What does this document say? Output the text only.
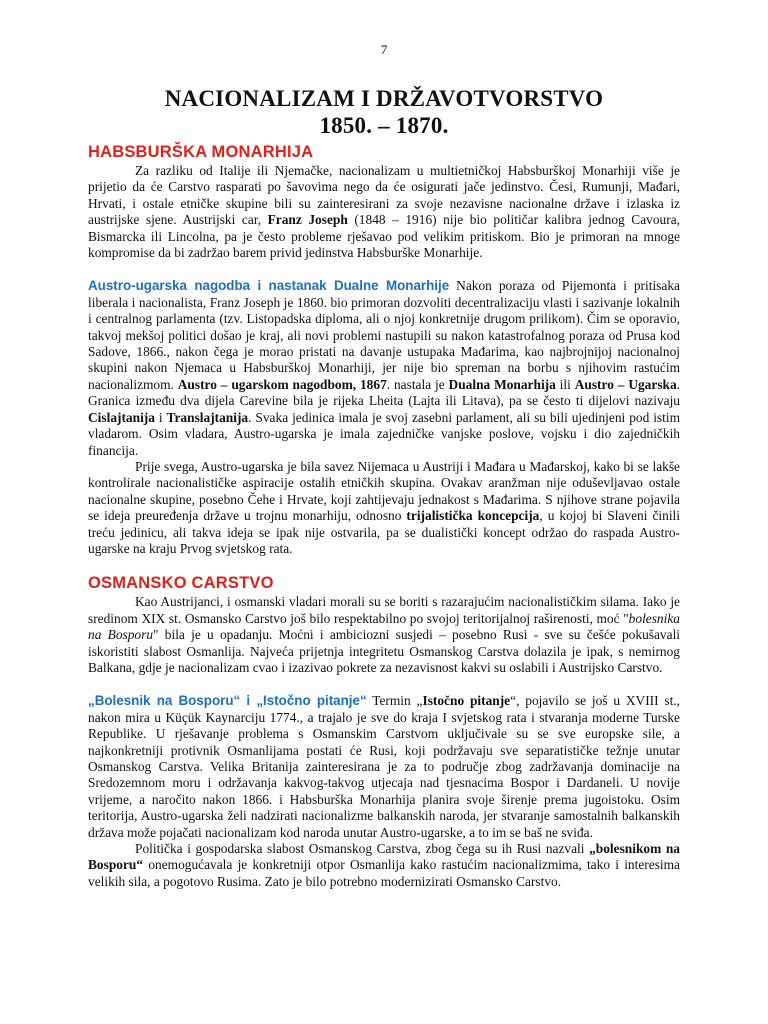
7
NACIONALIZAM I DRŽAVOTVORSTVO
1850. – 1870.
HABSBURŠKA MONARHIJA

Za razliku od Italije ili Njemačke, nacionalizam u multietničkoj Habsburškoj Monarhiji više je prijetio da će Carstvo rasparati po šavovima nego da će osigurati jače jedinstvo. Česi, Rumunji, Mađari, Hrvati, i ostale etničke skupine bili su zainteresirani za svoje nezavisne nacionalne države i izlaska iz austrijske sjene. Austrijski car, Franz Joseph (1848 – 1916) nije bio političar kalibra jednog Cavoura, Bismarcka ili Lincolna, pa je često probleme rješavao pod velikim pritiskom. Bio je primoran na mnoge kompromise da bi zadržao barem privid jedinstva Habsburške Monarhije.

Austro-ugarska nagodba i nastanak Dualne Monarhije Nakon poraza od Pijemonta i pritisaka liberala i nacionalista, Franz Joseph je 1860. bio primoran dozvoliti decentralizaciju vlasti i sazivanje lokalnih i centralnog parlamenta (tzv. Listopadska diploma, ali o njoj konkretnije drugom prilikom). Čim se oporavio, takvoj mekšoj politici došao je kraj, ali novi problemi nastupili su nakon katastrofalnog poraza od Prusa kod Sadove, 1866., nakon čega je morao pristati na davanje ustupaka Mađarima, kao najbrojnijoj nacionalnoj skupini nakon Njemaca u Habsburškoj Monarhiji, jer nije bio spreman na borbu s njihovim rastućim nacionalizmom. Austro – ugarskom nagodbom, 1867. nastala je Dualna Monarhija ili Austro – Ugarska. Granica između dva dijela Carevine bila je rijeka Lheita (Lajta ili Litava), pa se često ti dijelovi nazivaju Cislajtanija i Translajtanija. Svaka jedinica imala je svoj zasebni parlament, ali su bili ujedinjeni pod istim vladarom. Osim vladara, Austro-ugarska je imala zajedničke vanjske poslove, vojsku i dio zajedničkih financija.

Prije svega, Austro-ugarska je bila savez Nijemaca u Austriji i Mađara u Mađarskoj, kako bi se lakše kontrolirale nacionalističke aspiracije ostalih etničkih skupina. Ovakav aranžman nije oduševljavao ostale nacionalne skupine, posebno Čehe i Hrvate, koji zahtijevaju jednakost s Mađarima. S njihove strane pojavila se ideja preuređenja države u trojnu monarhiju, odnosno trijalistička koncepcija, u kojoj bi Slaveni činili treću jedinicu, ali takva ideja se ipak nije ostvarila, pa se dualistički koncept održao do raspada Austro-ugarske na kraju Prvog svjetskog rata.

OSMANSKO CARSTVO

Kao Austrijanci, i osmanski vladari morali su se boriti s razarajućim nacionalističkim silama. Iako je sredinom XIX st. Osmansko Carstvo još bilo respektabilno po svojoj teritorijalnoj raširenosti, moć "bolesnika na Bosporu" bila je u opadanju. Moćni i ambiciozni susjedi – posebno Rusi - sve su češće pokušavali iskoristiti slabost Osmanlija. Najveća prijetnja integritetu Osmanskog Carstva dolazila je ipak, s nemirnog Balkana, gdje je nacionalizam cvao i izazivao pokrete za nezavisnost kakvi su oslabili i Austrijsko Carstvo.

„Bolesnik na Bosporu“ i „Istočno pitanje“ Termin „Istočno pitanje“, pojavilo se još u XVIII st., nakon mira u Küçük Kaynarciju 1774., a trajalo je sve do kraja I svjetskog rata i stvaranja moderne Turske Republike. U rješavanje problema s Osmanskim Carstvom uključivale su se sve europske sile, a najkonkretniji protivnik Osmanlijama postati će Rusi, koji podržavaju sve separatističke težnje unutar Osmanskog Carstva. Velika Britanija zainteresirana je za to područje zbog zadržavanja dominacije na Sredozemnom moru i održavanja kakvog-takvog utjecaja nad tjesnacima Bospor i Dardaneli. U novije vrijeme, a naročito nakon 1866. i Habsburška Monarhija planira svoje širenje prema jugoistoku. Osim teritorija, Austro-ugarska želi nadzirati nacionalizme balkanskih naroda, jer stvaranje samostalnih balkanskih država može pojačati nacionalizam kod naroda unutar Austro-ugarske, a to im se baš ne sviđa.

Politička i gospodarska slabost Osmanskog Carstva, zbog čega su ih Rusi nazvali „bolesnikom na Bosporu“ onemogućavala je konkretniji otpor Osmanlija kako rastućim nacionalizmima, tako i interesima velikih sila, a pogotovo Rusima. Zato je bilo potrebno modernizirati Osmansko Carstvo.
